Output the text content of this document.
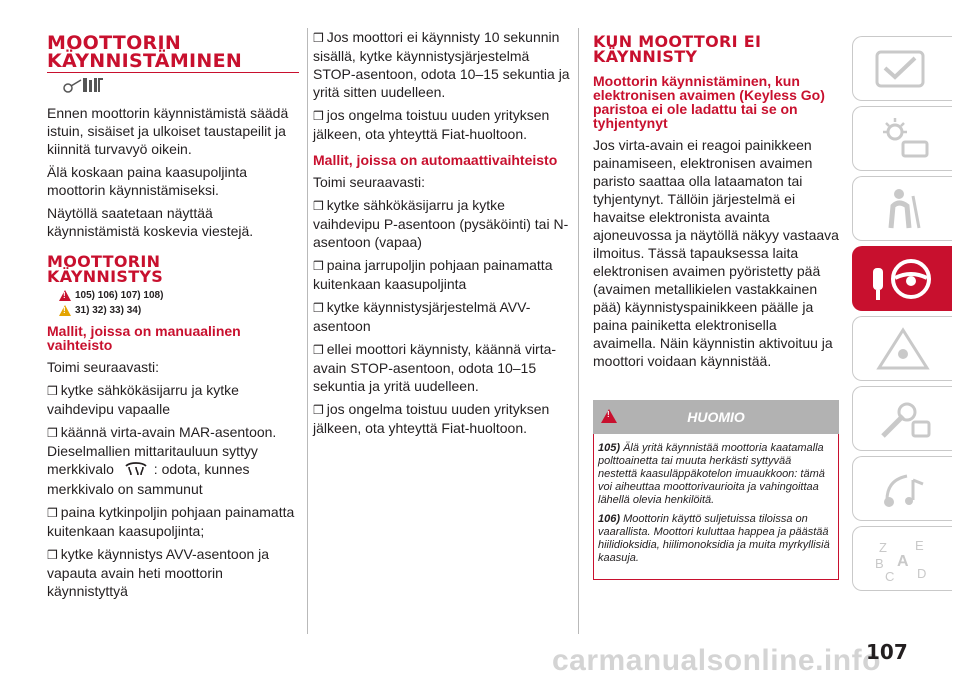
MOOTTORIN
KÄYNNISTÄMINEN

Ennen moottorin käynnistämistä säädä istuin, sisäiset ja ulkoiset taustapeilit ja kiinnitä turvavyö oikein.

Älä koskaan paina kaasupoljinta moottorin käynnistämiseksi.

Näytöllä saatetaan näyttää käynnistämistä koskevia viestejä.

MOOTTORIN
KÄYNNISTYS
!
105) 106) 107) 108)
!
31) 32) 33) 34)
Mallit, joissa on manuaalinen vaihteisto

Toimi seuraavasti:

❒ kytke sähkökäsijarru ja kytke vaihdevipu vapaalle
❒ käännä virta-avain MAR-asentoon. Dieselmallien mittaritauluun syttyy merkkivalo	: odota, kunnes merkkivalo on sammunut
❒ paina kytkinpoljin pohjaan painamatta kuitenkaan kaasupoljinta;
❒ kytke käynnistys AVV-asentoon ja vapauta avain heti moottorin käynnistyttyä
❒ Jos moottori ei käynnisty 10 sekunnin sisällä, kytke käynnistysjärjestelmä STOP-asentoon, odota 10–15 sekuntia ja yritä sitten uudelleen.
❒ jos ongelma toistuu uuden yrityksen jälkeen, ota yhteyttä Fiat-huoltoon.
Mallit, joissa on automaattivaihteisto

Toimi seuraavasti:

❒ kytke sähkökäsijarru ja kytke vaihdevipu P-asentoon (pysäköinti) tai N-asentoon (vapaa)
❒ paina jarrupoljin pohjaan painamatta kuitenkaan kaasupoljinta
❒ kytke käynnistysjärjestelmä AVV-asentoon
❒ ellei moottori käynnisty, käännä virta-avain STOP-asentoon, odota 10–15 sekuntia ja yritä uudelleen.
❒ jos ongelma toistuu uuden yrityksen jälkeen, ota yhteyttä Fiat-huoltoon.
KUN MOOTTORI EI
KÄYNNISTY
Moottorin käynnistäminen, kun elektronisen avaimen (Keyless Go) paristoa ei ole ladattu tai se on tyhjentynyt

Jos virta-avain ei reagoi painikkeen painamiseen, elektronisen avaimen paristo saattaa olla lataamaton tai tyhjentynyt. Tällöin järjestelmä ei havaitse elektronista avainta ajoneuvossa ja näytöllä näkyy vastaava ilmoitus. Tässä tapauksessa laita elektronisen avaimen pyöristetty pää (avaimen metallikielen vastakkainen pää) käynnistyspainikkeen päälle ja paina painiketta elektronisella avaimella. Näin käynnistin aktivoituu ja moottori voidaan käynnistää.

!
HUOMIO

105) Älä yritä käynnistää moottoria kaatamalla polttoainetta tai muuta herkästi syttyvää nestettä kaasuläppäkotelon imuaukkoon: tämä voi aiheuttaa moottorivaurioita ja vahingoittaa lähellä olevia henkilöitä.

106) Moottorin käyttö suljetuissa tiloissa on vaarallista. Moottori kuluttaa happea ja päästää hiilidioksidia, hiilimonoksidia ja muita myrkyllisiä kaasuja.

Z E
B A
C D
carmanualsonline.info
107
